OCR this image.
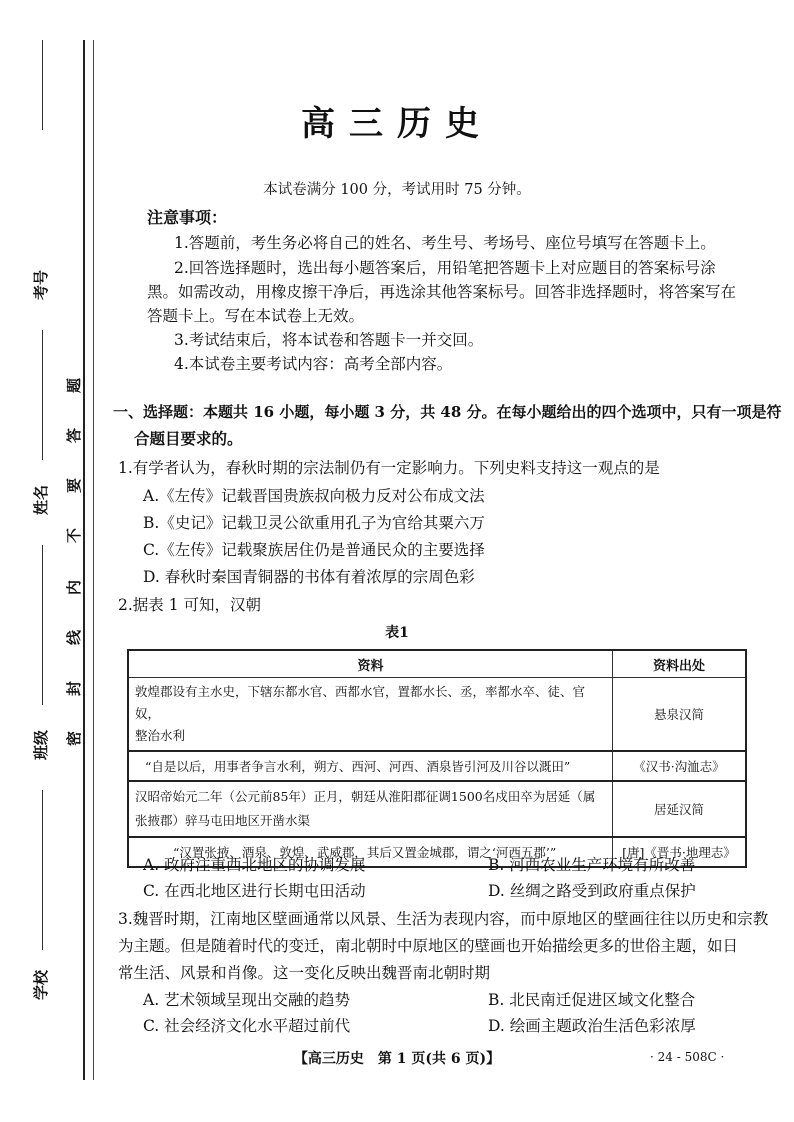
考号
姓名
班级
学校
题
答
要
不
内
线
封
密
高三历史
本试卷满分 100 分，考试用时 75 分钟。
注意事项：
1.答题前，考生务必将自己的姓名、考生号、考场号、座位号填写在答题卡上。
2.回答选择题时，选出每小题答案后，用铅笔把答题卡上对应题目的答案标号涂
黑。如需改动，用橡皮擦干净后，再选涂其他答案标号。回答非选择题时，将答案写在
答题卡上。写在本试卷上无效。
3.考试结束后，将本试卷和答题卡一并交回。
4.本试卷主要考试内容：高考全部内容。
一、选择题：本题共 16 小题，每小题 3 分，共 48 分。在每小题给出的四个选项中，只有一项是符
合题目要求的。
1.有学者认为，春秋时期的宗法制仍有一定影响力。下列史料支持这一观点的是
A.《左传》记载晋国贵族叔向极力反对公布成文法
B.《史记》记载卫灵公欲重用孔子为官给其粟六万
C.《左传》记载聚族居住仍是普通民众的主要选择
D. 春秋时秦国青铜器的书体有着浓厚的宗周色彩
2.据表 1 可知，汉朝
表1
资料	资料出处
敦煌郡设有主水史，下辖东都水官、西都水官，置都水长、丞，率都水卒、徒、官奴，
整治水利	悬泉汉简
“自是以后，用事者争言水利，朔方、西河、河西、酒泉皆引河及川谷以溉田”	《汉书·沟洫志》
汉昭帝始元二年（公元前85年）正月，朝廷从淮阳郡征调1500名戍田卒为居延（属
张掖郡）骍马屯田地区开凿水渠	居延汉简
“汉置张掖、酒泉、敦煌、武威郡，其后又置金城郡，谓之‘河西五郡’”	[唐]《晋书·地理志》
A. 政府注重西北地区的协调发展	B. 河西农业生产环境有所改善
C. 在西北地区进行长期屯田活动	D. 丝绸之路受到政府重点保护
3.魏晋时期，江南地区壁画通常以风景、生活为表现内容，而中原地区的壁画往往以历史和宗教
为主题。但是随着时代的变迁，南北朝时中原地区的壁画也开始描绘更多的世俗主题，如日
常生活、风景和肖像。这一变化反映出魏晋南北朝时期
A. 艺术领域呈现出交融的趋势	B. 北民南迁促进区域文化整合
C. 社会经济文化水平超过前代	D. 绘画主题政治生活色彩浓厚
【高三历史　第 1 页(共 6 页)】	· 24 - 508C ·
